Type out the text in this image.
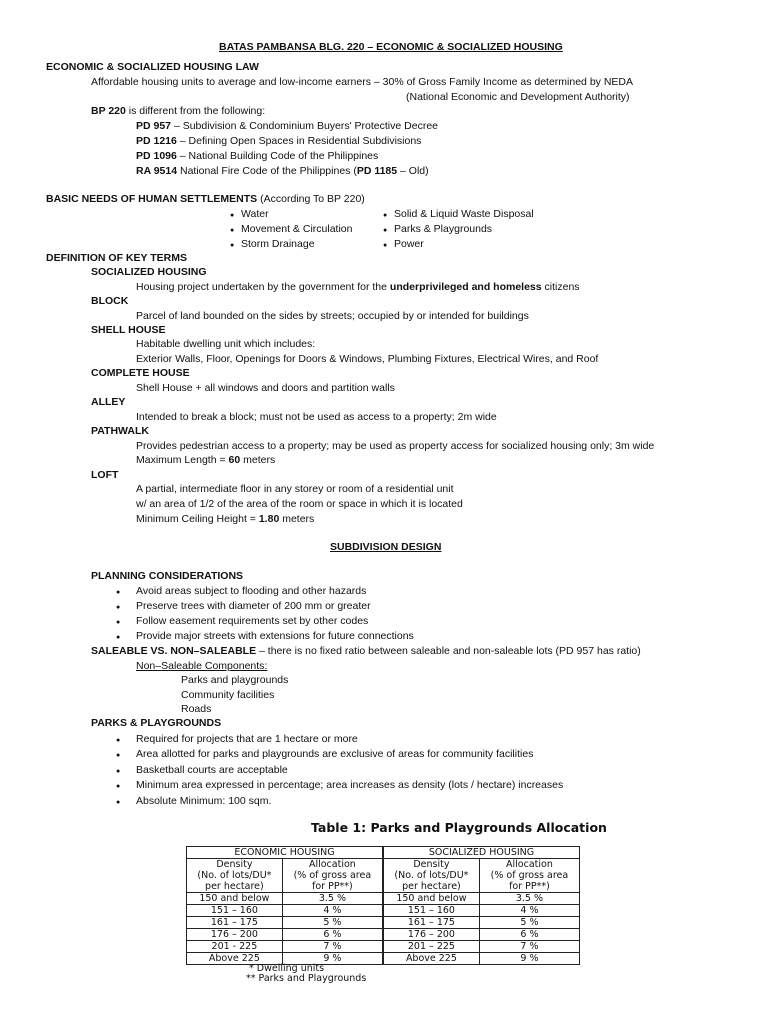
BATAS PAMBANSA BLG. 220 – ECONOMIC & SOCIALIZED HOUSING
ECONOMIC & SOCIALIZED HOUSING LAW
Affordable housing units to average and low-income earners – 30% of Gross Family Income as determined by NEDA
(National Economic and Development Authority)
BP 220 is different from the following:
PD 957 – Subdivision & Condominium Buyers' Protective Decree
PD 1216 – Defining Open Spaces in Residential Subdivisions
PD 1096 – National Building Code of the Philippines
RA 9514 National Fire Code of the Philippines (PD 1185 – Old)
BASIC NEEDS OF HUMAN SETTLEMENTS (According To BP 220)
● Water
● Movement & Circulation
● Storm Drainage
● Solid & Liquid Waste Disposal
● Parks & Playgrounds
● Power
DEFINITION OF KEY TERMS
SOCIALIZED HOUSING
Housing project undertaken by the government for the underprivileged and homeless citizens
BLOCK
Parcel of land bounded on the sides by streets; occupied by or intended for buildings
SHELL HOUSE
Habitable dwelling unit which includes:
Exterior Walls, Floor, Openings for Doors & Windows, Plumbing Fixtures, Electrical Wires, and Roof
COMPLETE HOUSE
Shell House + all windows and doors and partition walls
ALLEY
Intended to break a block; must not be used as access to a property; 2m wide
PATHWALK
Provides pedestrian access to a property; may be used as property access for socialized housing only; 3m wide
Maximum Length = 60 meters
LOFT
A partial, intermediate floor in any storey or room of a residential unit
w/ an area of 1/2 of the area of the room or space in which it is located
Minimum Ceiling Height = 1.80 meters
SUBDIVISION DESIGN
PLANNING CONSIDERATIONS
● Avoid areas subject to flooding and other hazards
● Preserve trees with diameter of 200 mm or greater
● Follow easement requirements set by other codes
● Provide major streets with extensions for future connections
SALEABLE VS. NON–SALEABLE – there is no fixed ratio between saleable and non-saleable lots (PD 957 has ratio)
Non–Saleable Components:
Parks and playgrounds
Community facilities
Roads
PARKS & PLAYGROUNDS
● Required for projects that are 1 hectare or more
● Area allotted for parks and playgrounds are exclusive of areas for community facilities
● Basketball courts are acceptable
● Minimum area expressed in percentage; area increases as density (lots / hectare) increases
● Absolute Minimum: 100 sqm.
Table 1: Parks and Playgrounds Allocation
ECONOMIC HOUSING		SOCIALIZED HOUSING	
Density
(No. of lots/DU*
per hectare)	Allocation
(% of gross area
for PP**)	Density
(No. of lots/DU*
per hectare)	Allocation
(% of gross area
for PP**)
150 and below	3.5 %	150 and below	3.5 %
151 – 160	4 %	151 – 160	4 %
161 – 175	5 %	161 – 175	5 %
176 – 200	6 %	176 – 200	6 %
201 - 225	7 %	201 – 225	7 %
Above 225	9 %	Above 225	9 %
* Dwelling units
** Parks and Playgrounds
